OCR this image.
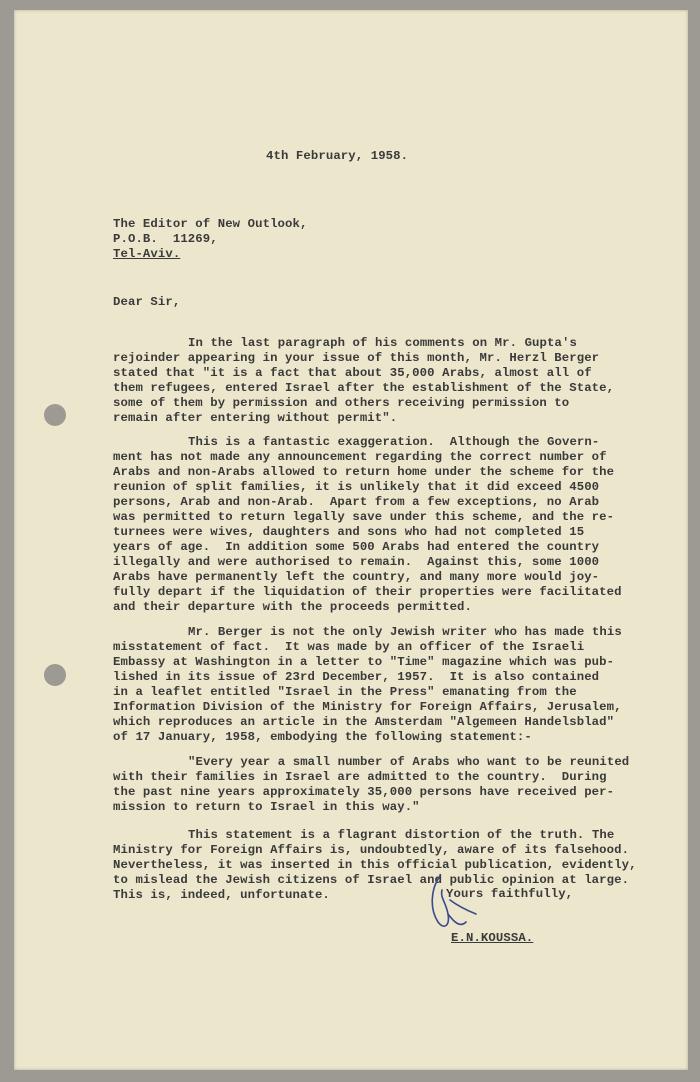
4th February, 1958.
The Editor of New Outlook,
P.O.B.  11269,
Tel-Aviv.
Dear Sir,
In the last paragraph of his comments on Mr. Gupta's
rejoinder appearing in your issue of this month, Mr. Herzl Berger
stated that "it is a fact that about 35,000 Arabs, almost all of
them refugees, entered Israel after the establishment of the State,
some of them by permission and others receiving permission to
remain after entering without permit".
This is a fantastic exaggeration.  Although the Govern-
ment has not made any announcement regarding the correct number of
Arabs and non-Arabs allowed to return home under the scheme for the
reunion of split families, it is unlikely that it did exceed 4500
persons, Arab and non-Arab.  Apart from a few exceptions, no Arab
was permitted to return legally save under this scheme, and the re-
turnees were wives, daughters and sons who had not completed 15
years of age.  In addition some 500 Arabs had entered the country
illegally and were authorised to remain.  Against this, some 1000
Arabs have permanently left the country, and many more would joy-
fully depart if the liquidation of their properties were facilitated
and their departure with the proceeds permitted.
Mr. Berger is not the only Jewish writer who has made this
misstatement of fact.  It was made by an officer of the Israeli
Embassy at Washington in a letter to "Time" magazine which was pub-
lished in its issue of 23rd December, 1957.  It is also contained
in a leaflet entitled "Israel in the Press" emanating from the
Information Division of the Ministry for Foreign Affairs, Jerusalem,
which reproduces an article in the Amsterdam "Algemeen Handelsblad"
of 17 January, 1958, embodying the following statement:-
"Every year a small number of Arabs who want to be reunited
with their families in Israel are admitted to the country.  During
the past nine years approximately 35,000 persons have received per-
mission to return to Israel in this way."
This statement is a flagrant distortion of the truth. The
Ministry for Foreign Affairs is, undoubtedly, aware of its falsehood.
Nevertheless, it was inserted in this official publication, evidently,
to mislead the Jewish citizens of Israel and public opinion at large.
This is, indeed, unfortunate.	Yours faithfully,
E.N.KOUSSA.
